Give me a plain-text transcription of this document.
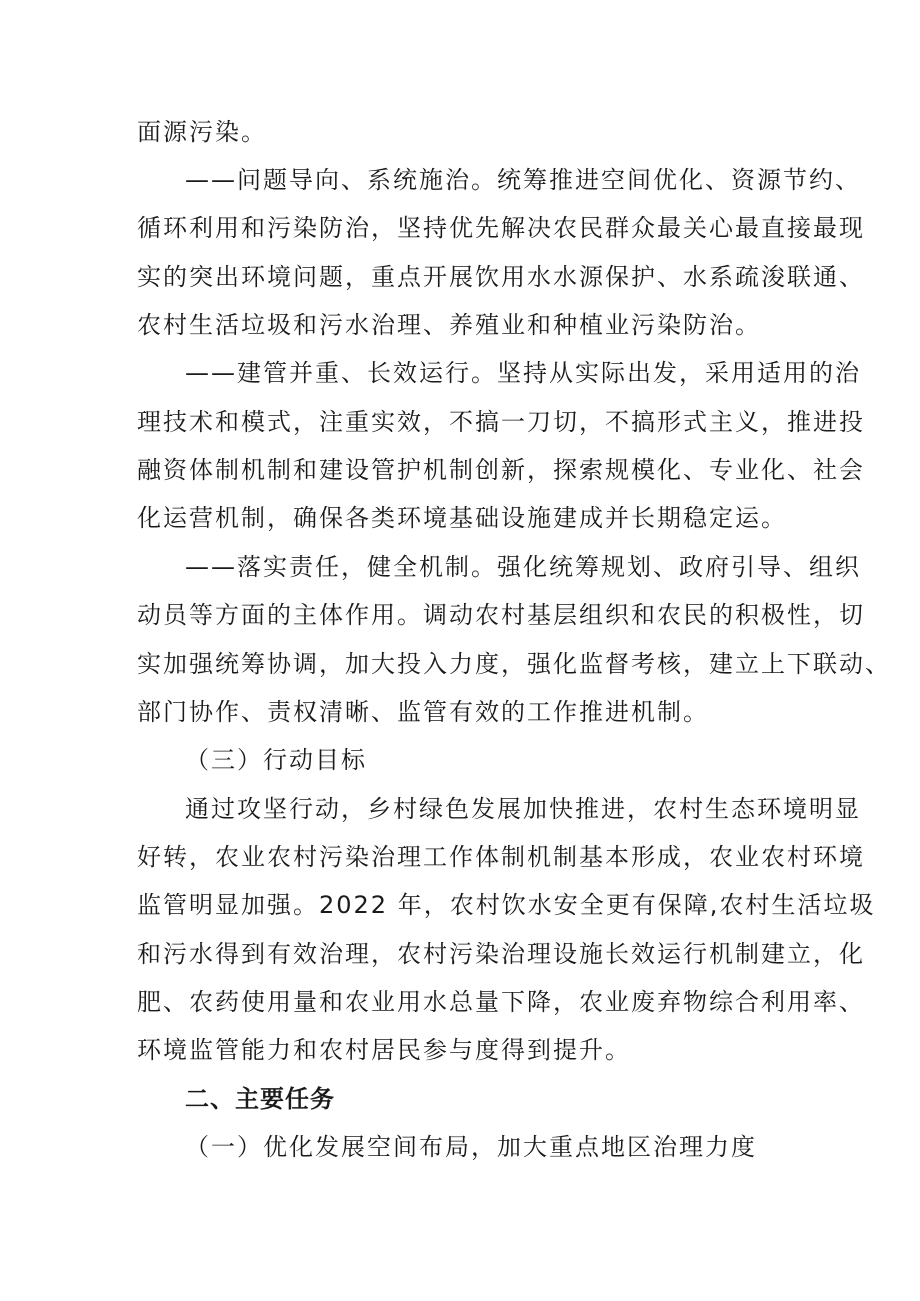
面源污染。
——问题导向、系统施治。统筹推进空间优化、资源节约、
循环利用和污染防治，坚持优先解决农民群众最关心最直接最现
实的突出环境问题，重点开展饮用水水源保护、水系疏浚联通、
农村生活垃圾和污水治理、养殖业和种植业污染防治。
——建管并重、长效运行。坚持从实际出发，采用适用的治
理技术和模式，注重实效，不搞一刀切，不搞形式主义，推进投
融资体制机制和建设管护机制创新，探索规模化、专业化、社会
化运营机制，确保各类环境基础设施建成并长期稳定运。
——落实责任，健全机制。强化统筹规划、政府引导、组织
动员等方面的主体作用。调动农村基层组织和农民的积极性，切
实加强统筹协调，加大投入力度，强化监督考核，建立上下联动、
部门协作、责权清晰、监管有效的工作推进机制。
（三）行动目标
通过攻坚行动，乡村绿色发展加快推进，农村生态环境明显
好转，农业农村污染治理工作体制机制基本形成，农业农村环境
监管明显加强。2022 年，农村饮水安全更有保障,农村生活垃圾
和污水得到有效治理，农村污染治理设施长效运行机制建立，化
肥、农药使用量和农业用水总量下降，农业废弃物综合利用率、
环境监管能力和农村居民参与度得到提升。
二、主要任务
（一）优化发展空间布局，加大重点地区治理力度
